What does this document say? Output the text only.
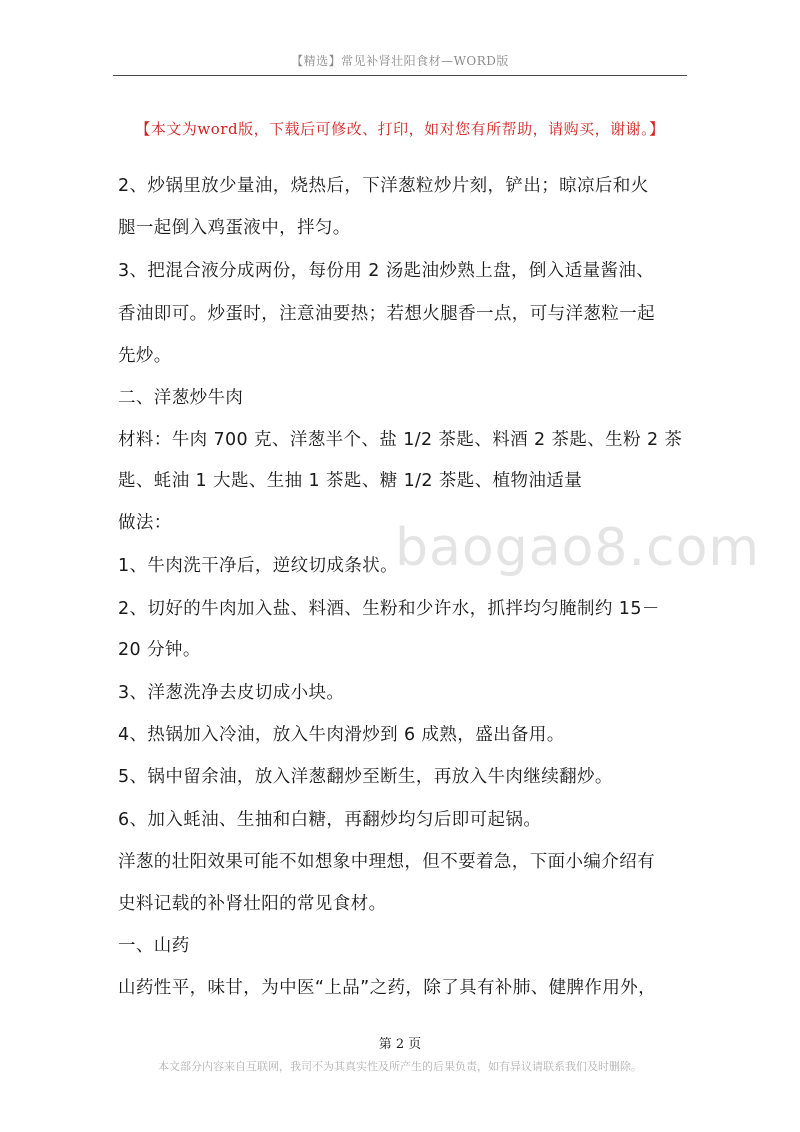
【精选】常见补肾壮阳食材—WORD版
【本文为word版，下载后可修改、打印，如对您有所帮助，请购买，谢谢。】
baogao8.com
2、炒锅里放少量油，烧热后，下洋葱粒炒片刻，铲出；晾凉后和火
腿一起倒入鸡蛋液中，拌匀。
3、把混合液分成两份，每份用 2 汤匙油炒熟上盘，倒入适量酱油、
香油即可。炒蛋时，注意油要热；若想火腿香一点，可与洋葱粒一起
先炒。
二、洋葱炒牛肉
材料：牛肉 700 克、洋葱半个、盐 1/2 茶匙、料酒 2 茶匙、生粉 2 茶
匙、蚝油 1 大匙、生抽 1 茶匙、糖 1/2 茶匙、植物油适量
做法：
1、牛肉洗干净后，逆纹切成条状。
2、切好的牛肉加入盐、料酒、生粉和少许水，抓拌均匀腌制约 15－
20 分钟。
3、洋葱洗净去皮切成小块。
4、热锅加入冷油，放入牛肉滑炒到 6 成熟，盛出备用。
5、锅中留余油，放入洋葱翻炒至断生，再放入牛肉继续翻炒。
6、加入蚝油、生抽和白糖，再翻炒均匀后即可起锅。
洋葱的壮阳效果可能不如想象中理想，但不要着急，下面小编介绍有
史料记载的补肾壮阳的常见食材。
一、山药
山药性平，味甘，为中医“上品”之药，除了具有补肺、健脾作用外，
第 2 页
本文部分内容来自互联网，我司不为其真实性及所产生的后果负责，如有异议请联系我们及时删除。
